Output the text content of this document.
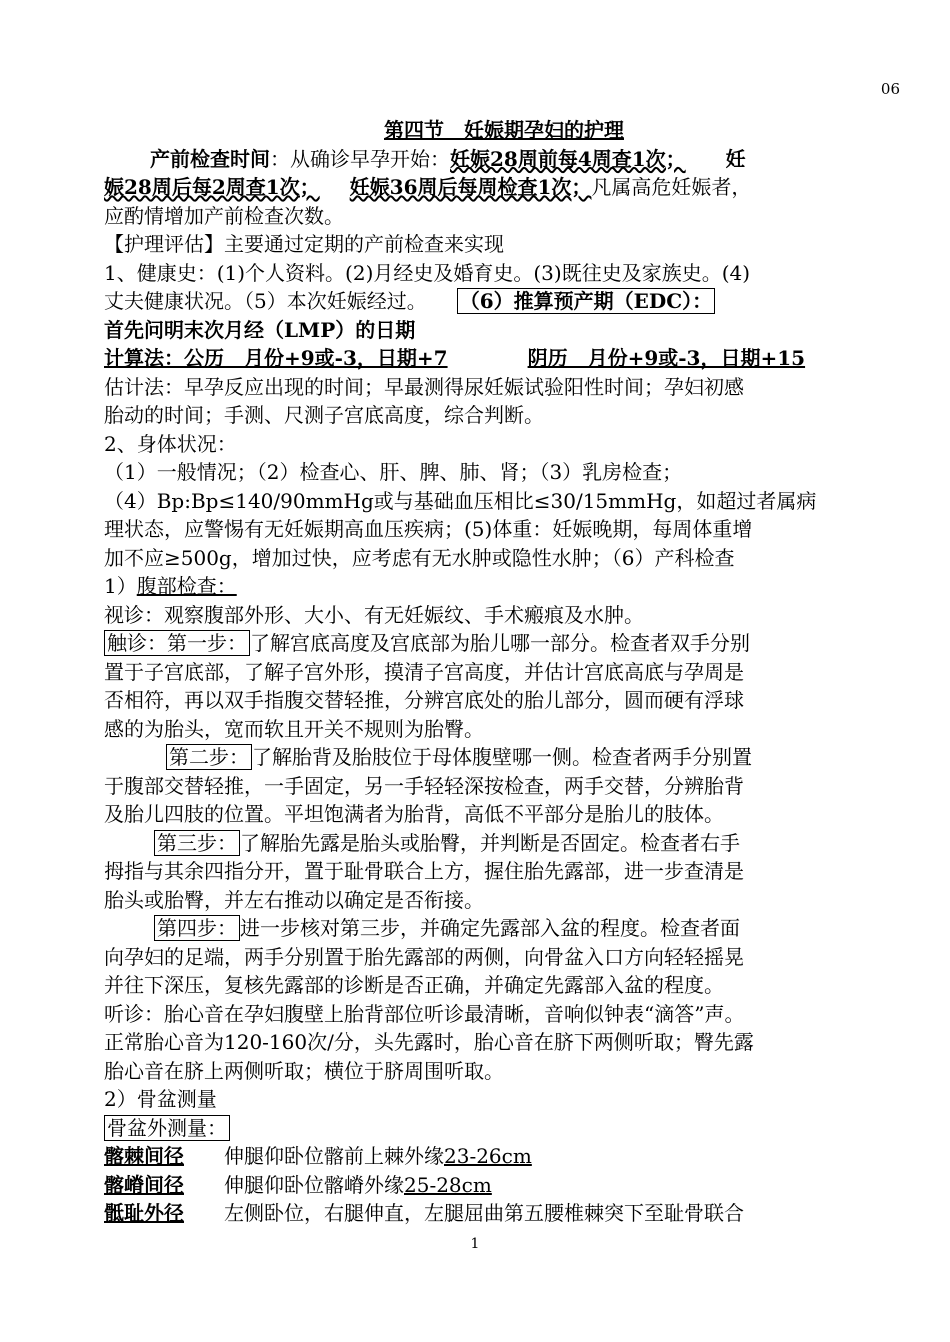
06

第四节　妊娠期孕妇的护理

产前检查时间：从确诊早孕开始：妊娠28周前每4周查1次； 妊

娠28周后每2周查1次； 妊娠36周后每周检查1次；凡属高危妊娠者，

应酌情增加产前检查次数。

【护理评估】主要通过定期的产前检查来实现

1、健康史：(1)个人资料。(2)月经史及婚育史。(3)既往史及家族史。(4)

丈夫健康状况。（5）本次妊娠经过。 （6）推算预产期（EDC）：

首先问明末次月经（LMP）的日期

计算法：公历　月份+9或-3，日期+7	阴历　月份+9或-3，日期+15

估计法：早孕反应出现的时间；早最测得尿妊娠试验阳性时间；孕妇初感

胎动的时间；手测、尺测子宫底高度，综合判断。

2、身体状况：

（1）一般情况；（2）检查心、肝、脾、肺、肾；（3）乳房检查；

（4）Bp:Bp≤140/90mmHg或与基础血压相比≤30/15mmHg，如超过者属病

理状态，应警惕有无妊娠期高血压疾病；(5)体重：妊娠晚期，每周体重增

加不应≥500g，增加过快，应考虑有无水肿或隐性水肿；（6）产科检查

1）腹部检查：

视诊：观察腹部外形、大小、有无妊娠纹、手术瘢痕及水肿。

触诊：第一步： 了解宫底高度及宫底部为胎儿哪一部分。检查者双手分别

置于子宫底部，了解子宫外形，摸清子宫高度，并估计宫底高底与孕周是

否相符，再以双手指腹交替轻推，分辨宫底处的胎儿部分，圆而硬有浮球

感的为胎头，宽而软且开关不规则为胎臀。

第二步： 了解胎背及胎肢位于母体腹壁哪一侧。检查者两手分别置

于腹部交替轻推，一手固定，另一手轻轻深按检查，两手交替，分辨胎背

及胎儿四肢的位置。平坦饱满者为胎背，高低不平部分是胎儿的肢体。

第三步： 了解胎先露是胎头或胎臀，并判断是否固定。检查者右手

拇指与其余四指分开，置于耻骨联合上方，握住胎先露部，进一步查清是

胎头或胎臀，并左右推动以确定是否衔接。

第四步： 进一步核对第三步，并确定先露部入盆的程度。检查者面

向孕妇的足端，两手分别置于胎先露部的两侧，向骨盆入口方向轻轻摇晃

并往下深压，复核先露部的诊断是否正确，并确定先露部入盆的程度。

听诊：胎心音在孕妇腹壁上胎背部位听诊最清晰，音响似钟表“滴答”声。

正常胎心音为120-160次/分，头先露时，胎心音在脐下两侧听取；臀先露

胎心音在脐上两侧听取；横位于脐周围听取。

2）骨盆测量

骨盆外测量：

髂棘间径 伸腿仰卧位髂前上棘外缘23-26cm

髂嵴间径 伸腿仰卧位髂嵴外缘25-28cm

骶耻外径 左侧卧位，右腿伸直，左腿屈曲第五腰椎棘突下至耻骨联合

1
